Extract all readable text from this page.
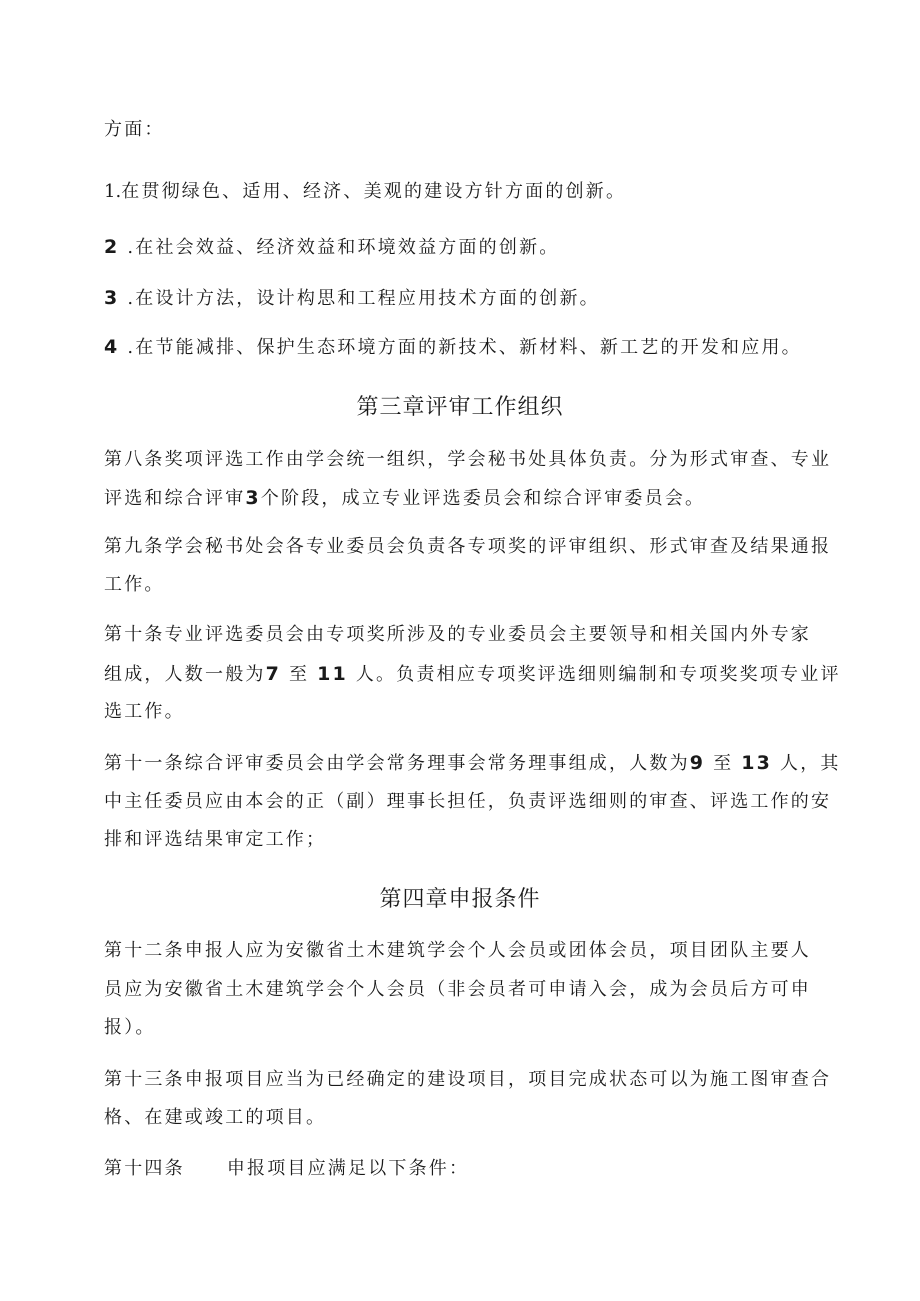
方面：
1.在贯彻绿色、适用、经济、美观的建设方针方面的创新。
2 .在社会效益、经济效益和环境效益方面的创新。
3 .在设计方法，设计构思和工程应用技术方面的创新。
4 .在节能减排、保护生态环境方面的新技术、新材料、新工艺的开发和应用。
第三章评审工作组织
第八条奖项评选工作由学会统一组织，学会秘书处具体负责。分为形式审查、专业
评选和综合评审3个阶段，成立专业评选委员会和综合评审委员会。
第九条学会秘书处会各专业委员会负责各专项奖的评审组织、形式审查及结果通报
工作。
第十条专业评选委员会由专项奖所涉及的专业委员会主要领导和相关国内外专家
组成，人数一般为7 至 11 人。负责相应专项奖评选细则编制和专项奖奖项专业评
选工作。
第十一条综合评审委员会由学会常务理事会常务理事组成，人数为9 至 13 人，其
中主任委员应由本会的正（副）理事长担任，负责评选细则的审查、评选工作的安
排和评选结果审定工作；
第四章申报条件
第十二条申报人应为安徽省土木建筑学会个人会员或团体会员，项目团队主要人
员应为安徽省土木建筑学会个人会员（非会员者可申请入会，成为会员后方可申
报）。
第十三条申报项目应当为已经确定的建设项目，项目完成状态可以为施工图审查合
格、在建或竣工的项目。
第十四条 申报项目应满足以下条件：
